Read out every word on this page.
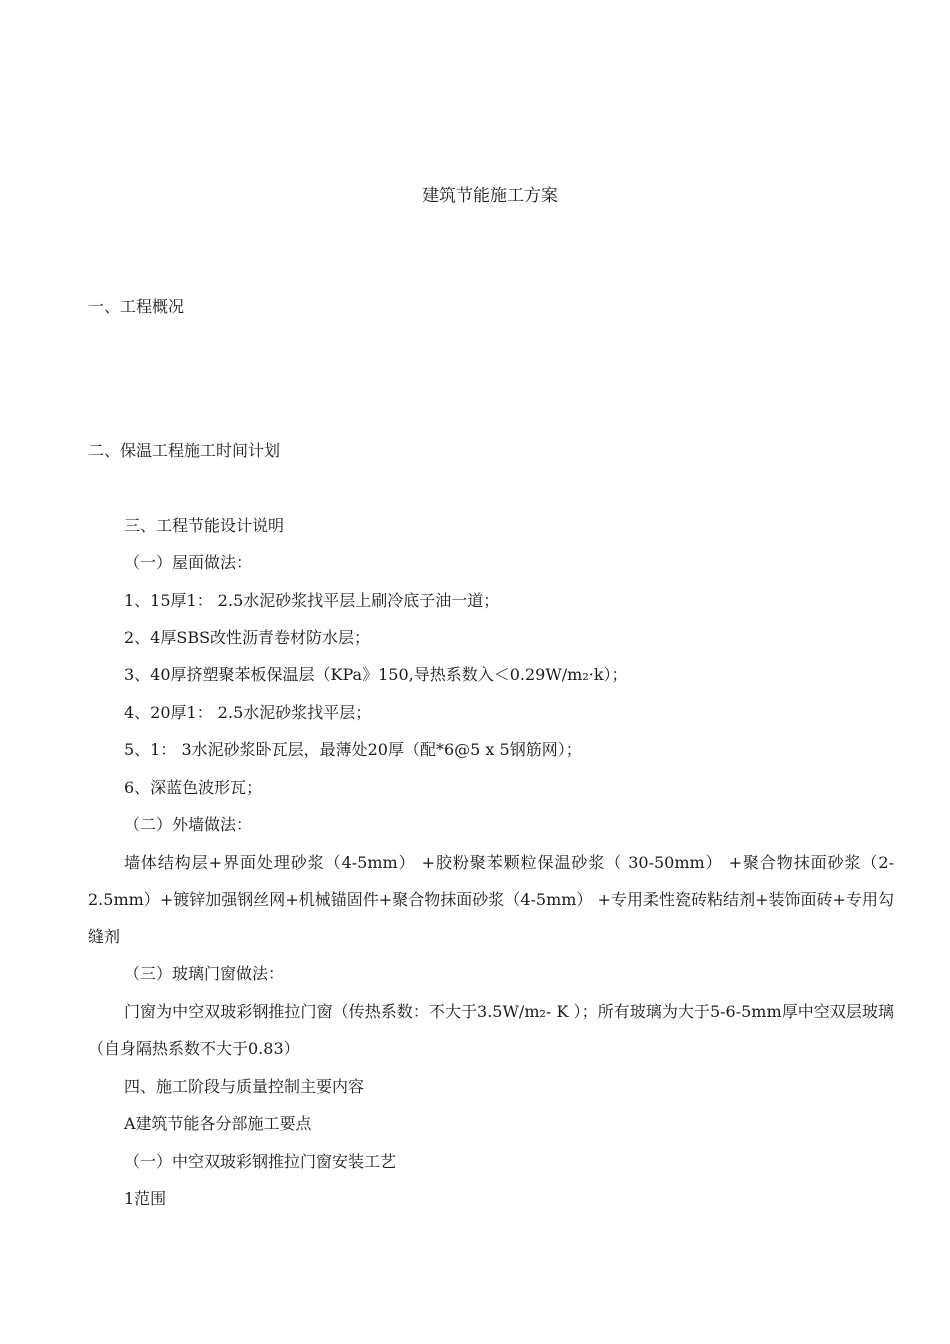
建筑节能施工方案
一、工程概况
二、保温工程施工时间计划
三、工程节能设计说明
（一）屋面做法：
1、15厚1： 2.5水泥砂浆找平层上刷冷底子油一道；
2、4厚SBS改性沥青卷材防水层；
3、40厚挤塑聚苯板保温层（KPa》150,导热系数入＜0.29W/m₂·k）；
4、20厚1： 2.5水泥砂浆找平层；
5、1： 3水泥砂浆卧瓦层，最薄处20厚（配*6@5 x 5钢筋网）；
6、深蓝色波形瓦；
（二）外墙做法：
墙体结构层+界面处理砂浆（4-5mm） +胶粉聚苯颗粒保温砂浆（ 30-50mm） +聚合物抹面砂浆（2-2.5mm）+镀锌加强钢丝网+机械锚固件+聚合物抹面砂浆（4-5mm） +专用柔性瓷砖粘结剂+装饰面砖+专用勾缝剂
（三）玻璃门窗做法：
门窗为中空双玻彩钢推拉门窗（传热系数：不大于3.5W/m₂- K ）；所有玻璃为大于5-6-5mm厚中空双层玻璃（自身隔热系数不大于0.83）
四、施工阶段与质量控制主要内容
A建筑节能各分部施工要点
（一）中空双玻彩钢推拉门窗安装工艺
1范围
